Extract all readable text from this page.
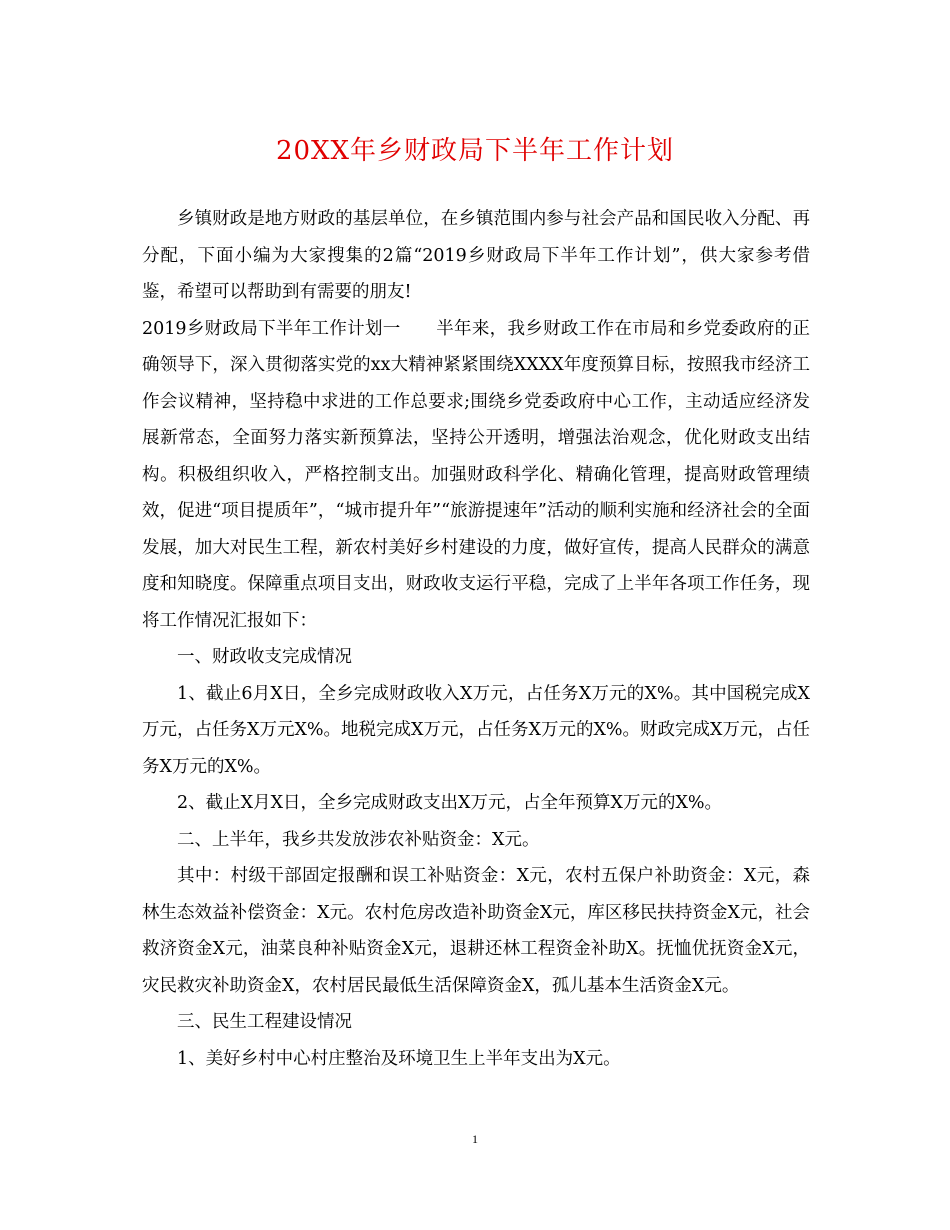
20XX年乡财政局下半年工作计划

乡镇财政是地方财政的基层单位，在乡镇范围内参与社会产品和国民收入分配、再分配，下面小编为大家搜集的2篇“2019乡财政局下半年工作计划”，供大家参考借鉴，希望可以帮助到有需要的朋友!

2019乡财政局下半年工作计划一　　半年来，我乡财政工作在市局和乡党委政府的正确领导下，深入贯彻落实党的xx大精神紧紧围绕XXXX年度预算目标，按照我市经济工作会议精神，坚持稳中求进的工作总要求;围绕乡党委政府中心工作，主动适应经济发展新常态，全面努力落实新预算法，坚持公开透明，增强法治观念，优化财政支出结构。积极组织收入，严格控制支出。加强财政科学化、精确化管理，提高财政管理绩效，促进“项目提质年”，“城市提升年”“旅游提速年”活动的顺利实施和经济社会的全面发展，加大对民生工程，新农村美好乡村建设的力度，做好宣传，提高人民群众的满意度和知晓度。保障重点项目支出，财政收支运行平稳，完成了上半年各项工作任务，现将工作情况汇报如下：

一、财政收支完成情况

1、截止6月X日，全乡完成财政收入X万元，占任务X万元的X%。其中国税完成X万元，占任务X万元X%。地税完成X万元，占任务X万元的X%。财政完成X万元，占任务X万元的X%。

2、截止X月X日，全乡完成财政支出X万元，占全年预算X万元的X%。

二、上半年，我乡共发放涉农补贴资金：X元。

其中：村级干部固定报酬和误工补贴资金：X元，农村五保户补助资金：X元，森林生态效益补偿资金：X元。农村危房改造补助资金X元，库区移民扶持资金X元，社会救济资金X元，油菜良种补贴资金X元，退耕还林工程资金补助X。抚恤优抚资金X元，灾民救灾补助资金X，农村居民最低生活保障资金X，孤儿基本生活资金X元。

三、民生工程建设情况

1、美好乡村中心村庄整治及环境卫生上半年支出为X元。

1
